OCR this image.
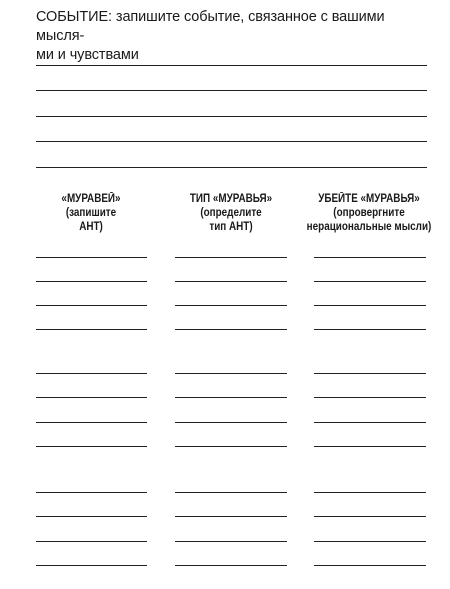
СОБЫТИЕ: запишите событие, связанное с вашими мысля-
ми и чувствами
«МУРАВЕЙ»
(запишите
АНТ)
ТИП «МУРАВЬЯ»
(определите
тип АНТ)
УБЕЙТЕ «МУРАВЬЯ»
(опровергните
нерациональные мысли)
